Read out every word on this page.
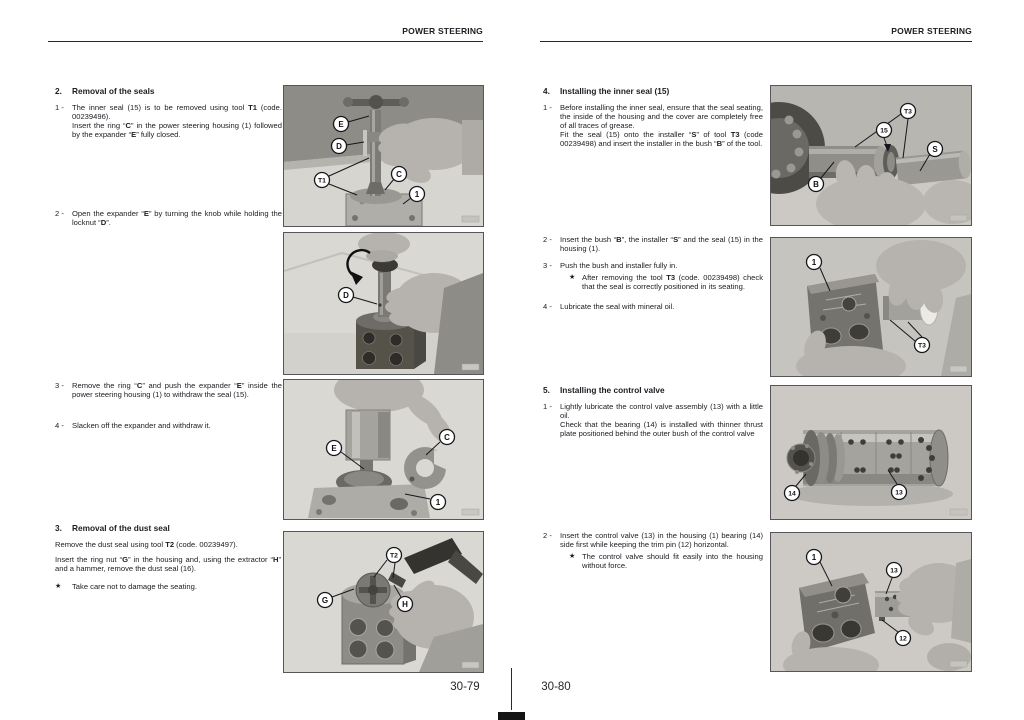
POWER STEERING
2.	Removal of the seals
1 -	The inner seal (15) is to be removed using tool T1 (code. 00239496).
Insert the ring “C” in the power steering housing (1) followed by the expander “E” fully closed.
2 -	Open the expander “E” by turning the knob while holding the locknut “D”.
3 -	Remove the ring “C” and push the expander “E” inside the power steering housing (1) to withdraw the seal (15).
4 -	Slacken off the expander and withdraw it.
3.	Removal of the dust seal
Remove the dust seal using tool T2 (code. 00239497).
Insert the ring nut “G” in the housing and, using the extractor “H” and a hammer, remove the dust seal (16).
★	Take care not to damage the seating.
E
D
T1
C
1
D
E
C
1
T2
G	H
30-79
POWER STEERING
4.	Installing the inner seal (15)
1 -	Before installing the inner seal, ensure that the seal seating, the inside of the housing and the cover are completely free of all traces of grease.
Fit the seal (15) onto the installer “S” of tool T3 (code 00239498) and insert the installer in the bush “B” of the tool.
2 -	Insert the bush “B”, the installer “S” and the seal (15) in the housing (1).
3 -	Push the bush and installer fully in.
★ After removing the tool T3 (code. 00239498) check that the seal is correctly positioned in its seating.
4 -	Lubricate the seal with mineral oil.
5.	Installing the control valve
1 -	Lightly lubricate the control valve assembly (13) with a little oil.
Check that the bearing (14) is installed with thinner thrust plate positioned behind the outer bush of the control valve
2 -	Insert the control valve (13) in the housing (1) bearing (14) side first while keeping the trim pin (12) horizontal.
★ The control valve should fit easily into the housing without force.
T3
15
S
B
1
T3
14	13
1
13
12
30-80
